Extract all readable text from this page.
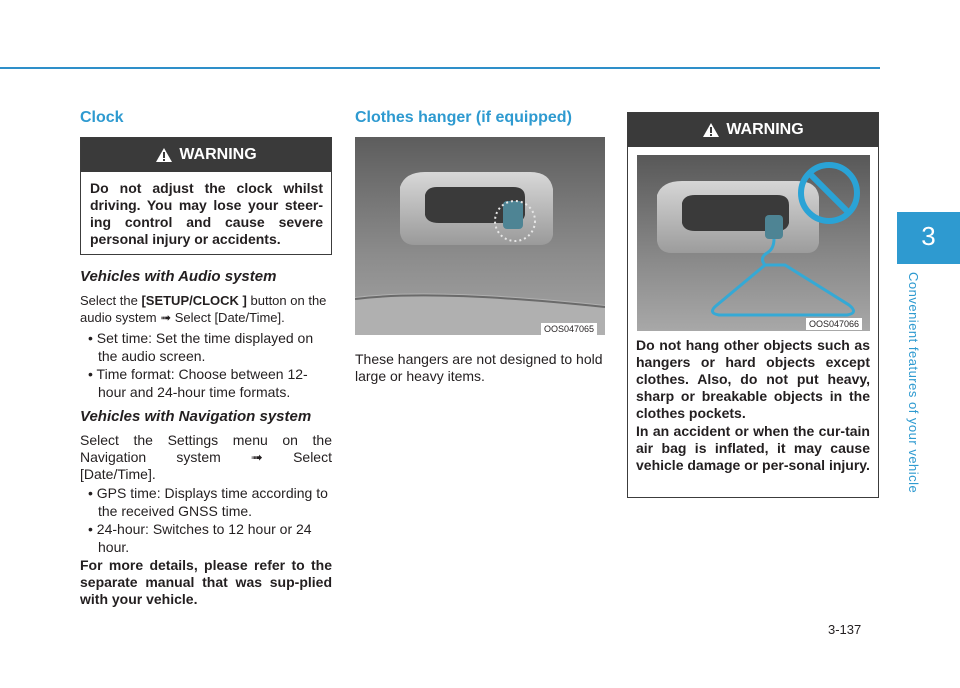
3
Convenient features of your vehicle
3-137
Clock
WARNING
Do not adjust the clock whilst driving. You may lose your steer-ing control and cause severe personal injury or accidents.
Vehicles with Audio system

Select the [SETUP/CLOCK ] button on the audio system ➟ Select [Date/Time].

• Set time: Set the time displayed on the audio screen.
• Time format: Choose between 12-hour and 24-hour time formats.
Vehicles with Navigation system

Select the Settings menu on the Navigation system ➟ Select [Date/Time].

• GPS time: Displays time according to the received GNSS time.
• 24-hour: Switches to 12 hour or 24 hour.

For more details, please refer to the separate manual that was sup-plied with your vehicle.

Clothes hanger (if equipped)
OOS047065

These hangers are not designed to hold large or heavy items.

WARNING
OOS047066
Do not hang other objects such as hangers or hard objects except clothes. Also, do not put heavy, sharp or breakable objects in the clothes pockets.
In an accident or when the cur-tain air bag is inflated, it may cause vehicle damage or per-sonal injury.
